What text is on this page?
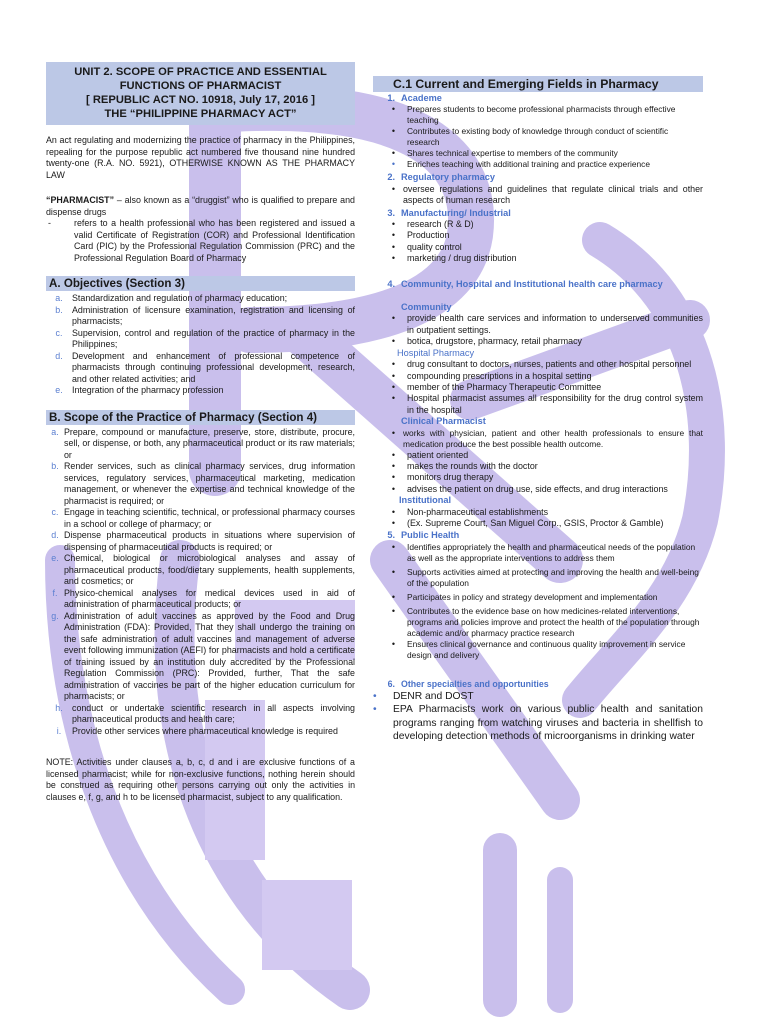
UNIT 2. SCOPE OF PRACTICE AND ESSENTIAL
FUNCTIONS OF PHARMACIST
[ REPUBLIC ACT NO. 10918, July 17, 2016 ]
THE “PHILIPPINE PHARMACY ACT”

An act regulating and modernizing the practice of pharmacy in the Philippines, repealing for the purpose republic act numbered five thousand nine hundred twenty-one (R.A. NO. 5921), OTHERWISE KNOWN AS THE PHARMACY LAW

“PHARMACIST” – also known as a “druggist” who is qualified to prepare and dispense drugs

-	refers to a health professional who has been registered and issued a valid Certificate of Registration (COR) and Professional Identification Card (PIC) by the Professional Regulation Commission (PRC) and the Professional Regulation Board of Pharmacy
A. Objectives (Section 3)
a.	Standardization and regulation of pharmacy education;
b.	Administration of licensure examination, registration and licensing of pharmacists;
c.	Supervision, control and regulation of the practice of pharmacy in the Philippines;
d.	Development and enhancement of professional competence of pharmacists through continuing professional development, research, and other related activities; and
e.	Integration of the pharmacy profession
B. Scope of the Practice of Pharmacy (Section 4)
a. Prepare, compound or manufacture, preserve, store, distribute, procure, sell, or dispense, or both, any pharmaceutical product or its raw materials; or
b. Render services, such as clinical pharmacy services, drug information services, regulatory services, pharmaceutical marketing, medication management, or whenever the expertise and technical knowledge of the pharmacist is required; or
c. Engage in teaching scientific, technical, or professional pharmacy courses in a school or college of pharmacy; or
d. Dispense pharmaceutical products in situations where supervision of dispensing of pharmaceutical products is required; or
e. Chemical, biological or microbiological analyses and assay of pharmaceutical products, food/dietary supplements, health supplements, and cosmetics; or
f. Physico-chemical analyses for medical devices used in aid of administration of pharmaceutical products; or
g. Administration of adult vaccines as approved by the Food and Drug Administration (FDA): Provided, That they shall undergo the training on the safe administration of adult vaccines and management of adverse event following immunization (AEFI) for pharmacists and hold a certificate of training issued by an institution duly accredited by the Professional Regulation Commission (PRC): Provided, further, That the safe administration of vaccines be part of the higher education curriculum for pharmacists; or
h.	conduct or undertake scientific research in all aspects involving pharmaceutical products and health care;
i.	Provide other services where pharmaceutical knowledge is required

NOTE: Activities under clauses a, b, c, d and i are exclusive functions of a licensed pharmacist; while for non-exclusive functions, nothing herein should be construed as requiring other persons carrying out only the activities in clauses e, f, g, and h to be licensed pharmacist, subject to any qualification.

C.1 Current and Emerging Fields in Pharmacy
1. Academe
•	Prepares students to become professional pharmacists through effective teaching
•	Contributes to existing body of knowledge through conduct of scientific research
•	Shares technical expertise to members of the community
•	Enriches teaching with additional training and practice experience
2. Regulatory pharmacy
• oversee regulations and guidelines that regulate clinical trials and other aspects of human research
3. Manufacturing/ Industrial
•	research (R & D)
•	Production
•	quality control
•	marketing / drug distribution
4. Community, Hospital and Institutional health care pharmacy
Community
•	provide health care services and information to underserved communities in outpatient settings.
•	botica, drugstore, pharmacy, retail pharmacy
Hospital Pharmacy
•	drug consultant to doctors, nurses, patients and other hospital personnel
•	compounding prescriptions in a hospital setting
•	member of the Pharmacy Therapeutic Committee
•	Hospital pharmacist assumes all responsibility for the drug control system in the hospital
Clinical Pharmacist
• works with physician, patient and other health professionals to ensure that medication produce the best possible health outcome.
•	patient oriented
•	makes the rounds with the doctor
•	monitors drug therapy
•	advises the patient on drug use, side effects, and drug interactions
Institutional
•	Non-pharmaceutical establishments
•	(Ex. Supreme Court, San Miguel Corp., GSIS, Proctor & Gamble)
5. Public Health
•	Identifies appropriately the health and pharmaceutical needs of the population as well as the appropriate interventions to address them
•	Supports activities aimed at protecting and improving the health and well-being of the population
•	Participates in policy and strategy development and implementation
•	Contributes to the evidence base on how medicines-related interventions, programs and policies improve and protect the health of the population through academic and/or pharmacy practice research
•	Ensures clinical governance and continuous quality improvement in service design and delivery
6. Other specialties and opportunities
•	DENR and DOST
•	EPA Pharmacists work on various public health and sanitation programs ranging from watching viruses and bacteria in shellfish to developing detection methods of microorganisms in drinking water
